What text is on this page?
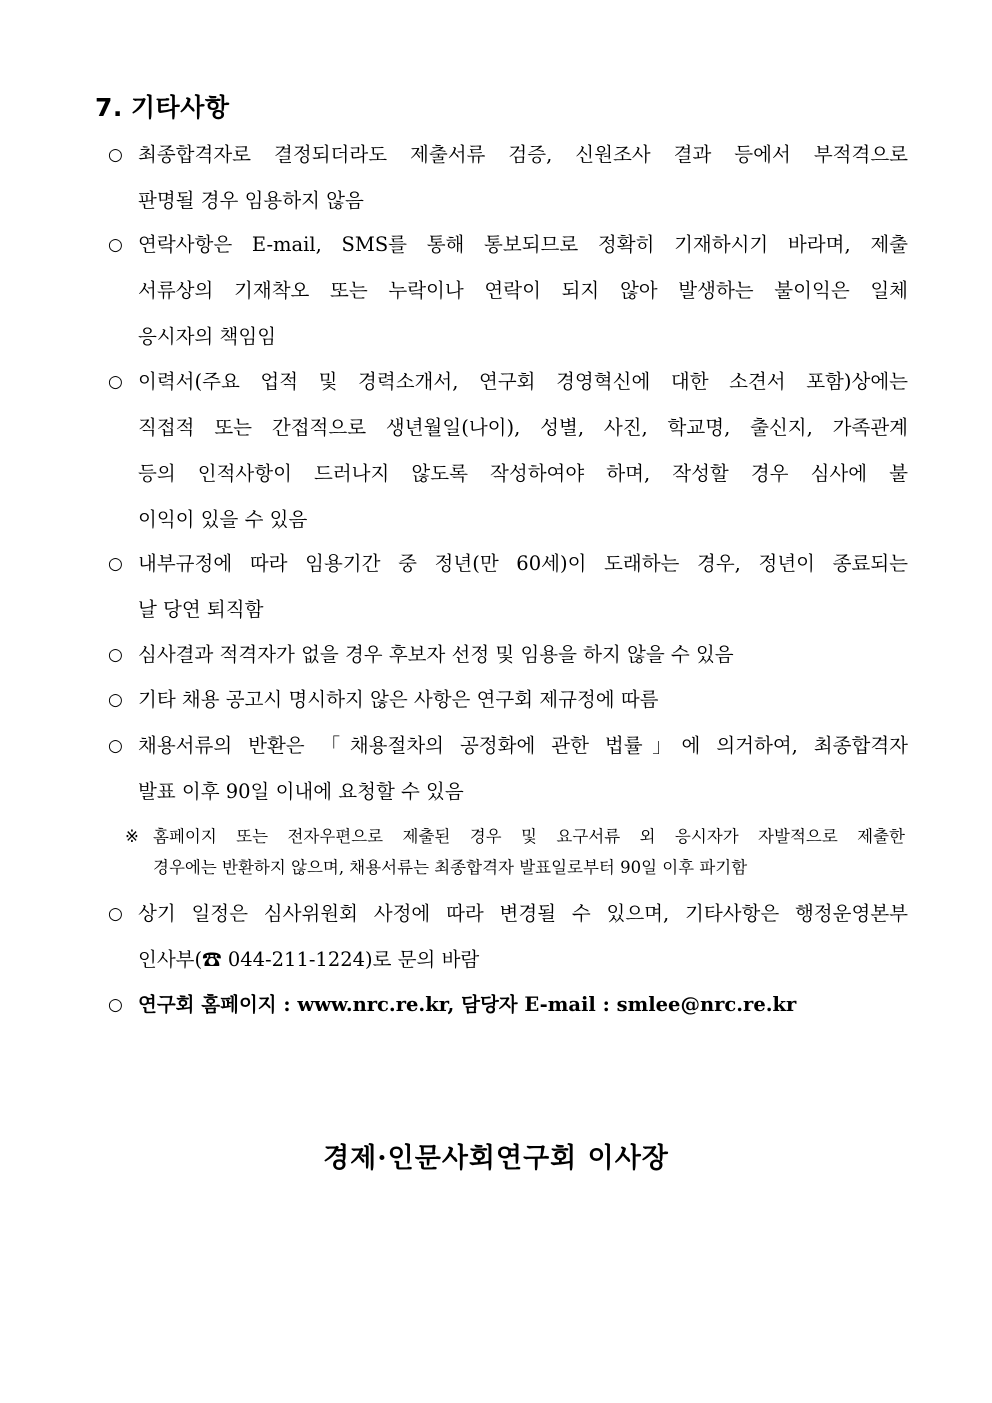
7. 기타사항
○ 최종합격자로 결정되더라도 제출서류 검증, 신원조사 결과 등에서 부적격으로
판명될 경우 임용하지 않음
○ 연락사항은 E-mail, SMS를 통해 통보되므로 정확히 기재하시기 바라며, 제출
서류상의 기재착오 또는 누락이나 연락이 되지 않아 발생하는 불이익은 일체
응시자의 책임임
○ 이력서(주요 업적 및 경력소개서, 연구회 경영혁신에 대한 소견서 포함)상에는
직접적 또는 간접적으로 생년월일(나이), 성별, 사진, 학교명, 출신지, 가족관계
등의 인적사항이 드러나지 않도록 작성하여야 하며, 작성할 경우 심사에 불
이익이 있을 수 있음
○ 내부규정에 따라 임용기간 중 정년(만 60세)이 도래하는 경우, 정년이 종료되는
날 당연 퇴직함
○ 심사결과 적격자가 없을 경우 후보자 선정 및 임용을 하지 않을 수 있음
○ 기타 채용 공고시 명시하지 않은 사항은 연구회 제규정에 따름
○ 채용서류의 반환은 「채용절차의 공정화에 관한 법률」에 의거하여, 최종합격자
발표 이후 90일 이내에 요청할 수 있음
※ 홈페이지 또는 전자우편으로 제출된 경우 및 요구서류 외 응시자가 자발적으로 제출한
경우에는 반환하지 않으며, 채용서류는 최종합격자 발표일로부터 90일 이후 파기함
○ 상기 일정은 심사위원회 사정에 따라 변경될 수 있으며, 기타사항은 행정운영본부
인사부(☎ 044-211-1224)로 문의 바람
○ 연구회 홈페이지 : www.nrc.re.kr, 담당자 E-mail : smlee@nrc.re.kr
경제·인문사회연구회 이사장
